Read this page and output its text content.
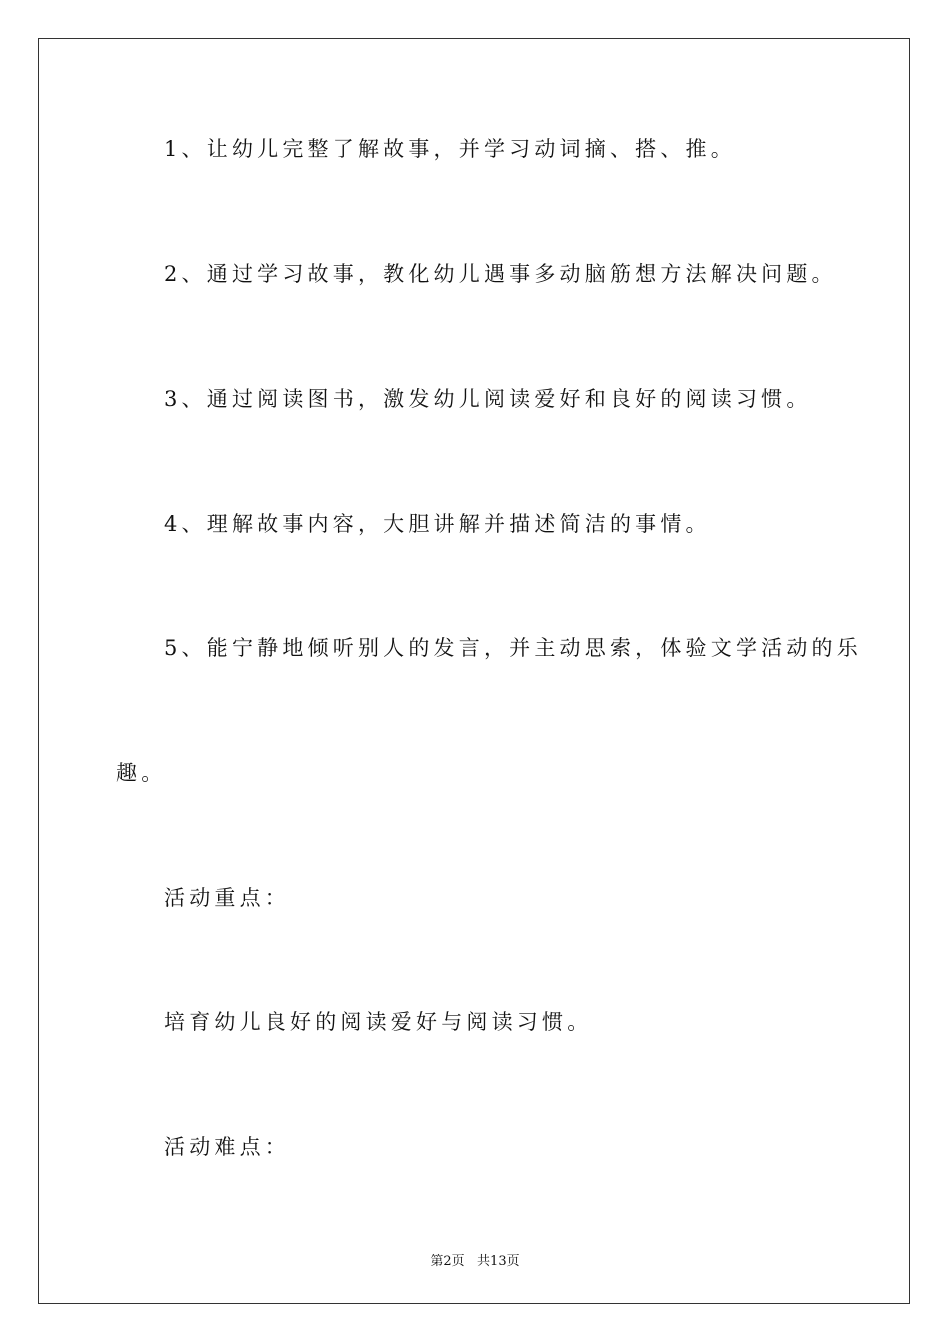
1、让幼儿完整了解故事，并学习动词摘、搭、推。
2、通过学习故事，教化幼儿遇事多动脑筋想方法解决问题。
3、通过阅读图书，激发幼儿阅读爱好和良好的阅读习惯。
4、理解故事内容，大胆讲解并描述简洁的事情。
5、能宁静地倾听别人的发言，并主动思索，体验文学活动的乐
趣。
活动重点：
培育幼儿良好的阅读爱好与阅读习惯。
活动难点：
第2页   共13页
